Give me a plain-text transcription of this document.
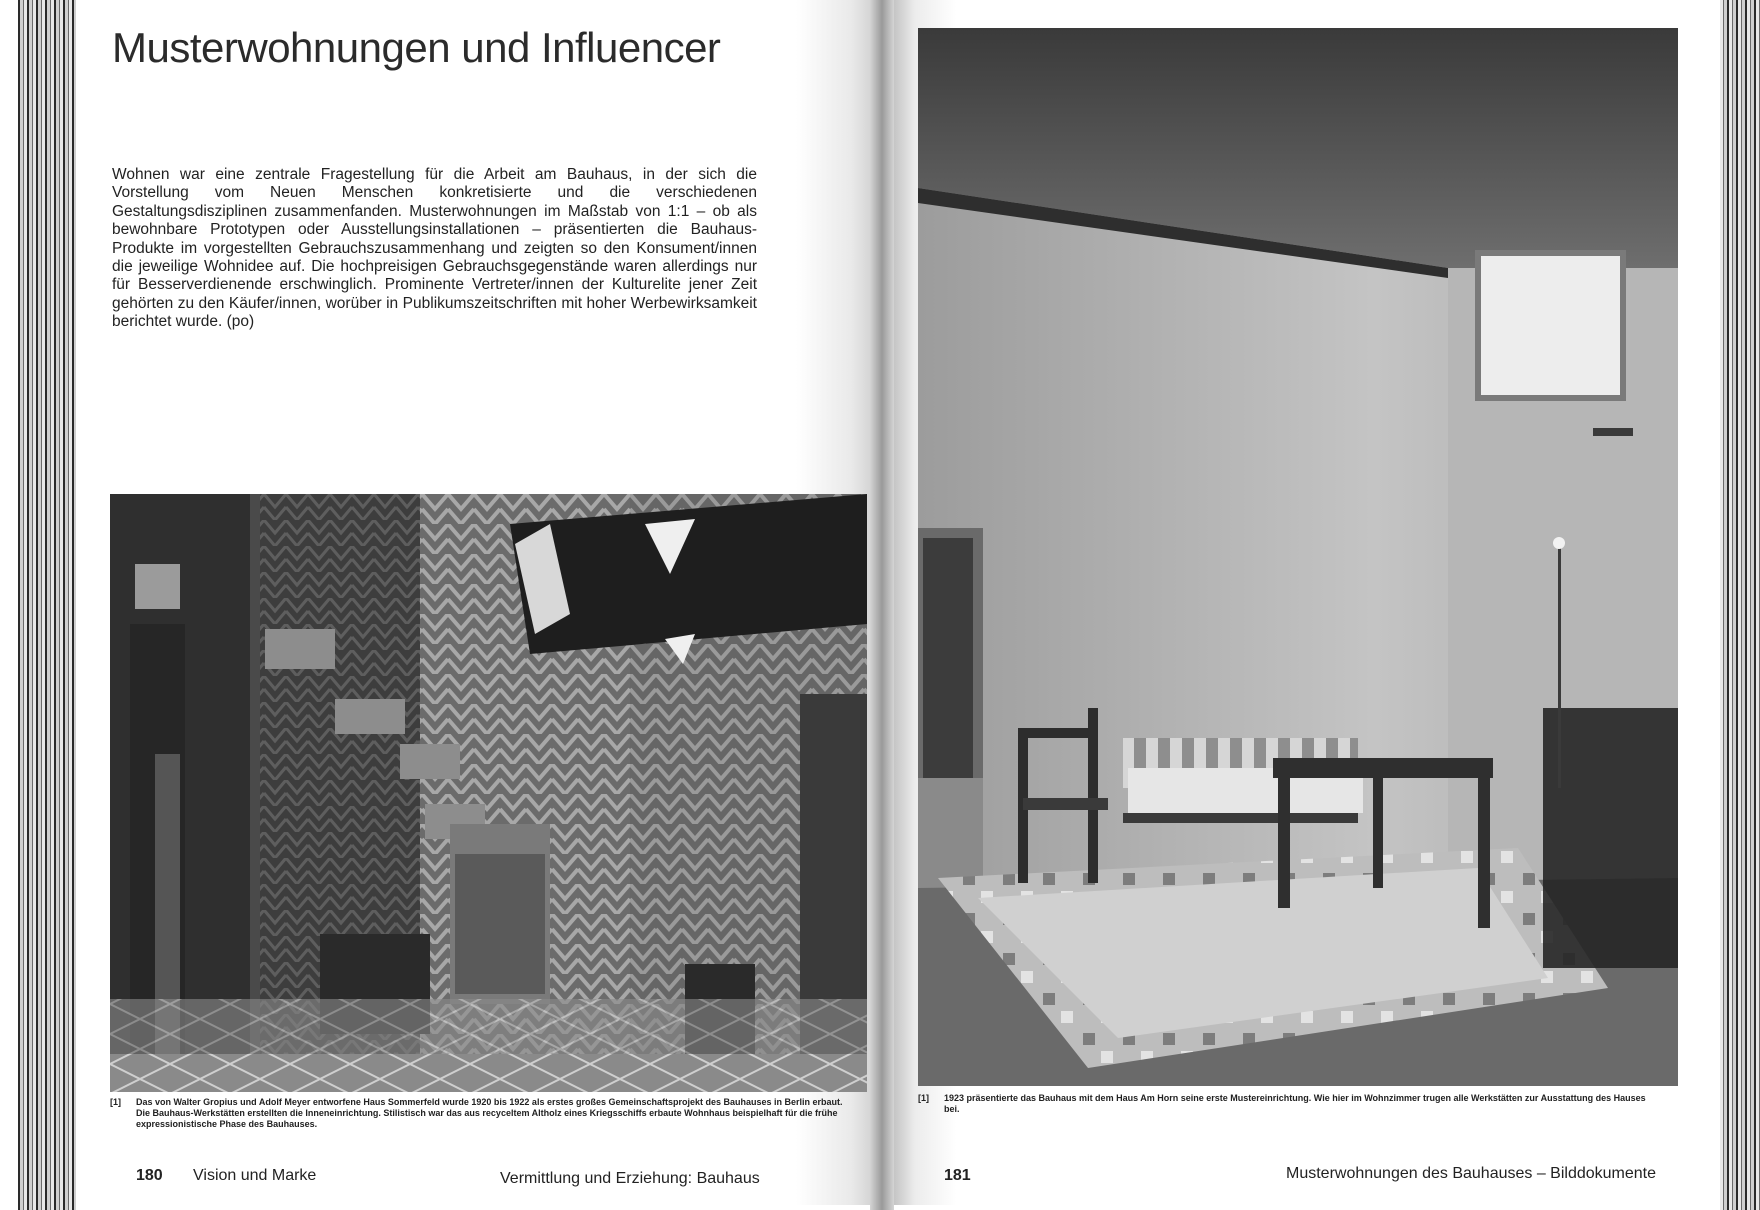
Musterwohnungen und Influencer

Wohnen war eine zentrale Fragestellung für die Arbeit am Bauhaus, in der sich die Vorstellung vom Neuen Menschen konkretisierte und die verschiedenen Gestaltungsdisziplinen zusammenfanden. Musterwohnungen im Maßstab von 1:1 – ob als bewohnbare Prototypen oder Ausstellungsinstallationen – präsentierten die Bauhaus-Produkte im vorgestellten Gebrauchszusammenhang und zeigten so den Konsument/innen die jeweilige Wohnidee auf. Die hochpreisigen Gebrauchsgegenstände waren allerdings nur für Besserverdienende erschwinglich. Prominente Vertreter/innen der Kulturelite jener Zeit gehörten zu den Käufer/innen, worüber in Publikumszeitschriften mit hoher Werbewirksamkeit berichtet wurde. (po)

[1] Das von Walter Gropius und Adolf Meyer entworfene Haus Sommerfeld wurde 1920 bis 1922 als erstes großes Gemeinschaftsprojekt des Bauhauses in Berlin erbaut. Die Bauhaus-Werkstätten erstellten die Inneneinrichtung. Stilistisch war das aus recyceltem Altholz eines Kriegsschiffs erbaute Wohnhaus beispielhaft für die frühe expressionistische Phase des Bauhauses.
180 Vision und Marke	Vermittlung und Erziehung: Bauhaus
[1] 1923 präsentierte das Bauhaus mit dem Haus Am Horn seine erste Mustereinrichtung. Wie hier im Wohnzimmer trugen alle Werkstätten zur Ausstattung des Hauses bei.
181	Musterwohnungen des Bauhauses – Bilddokumente
